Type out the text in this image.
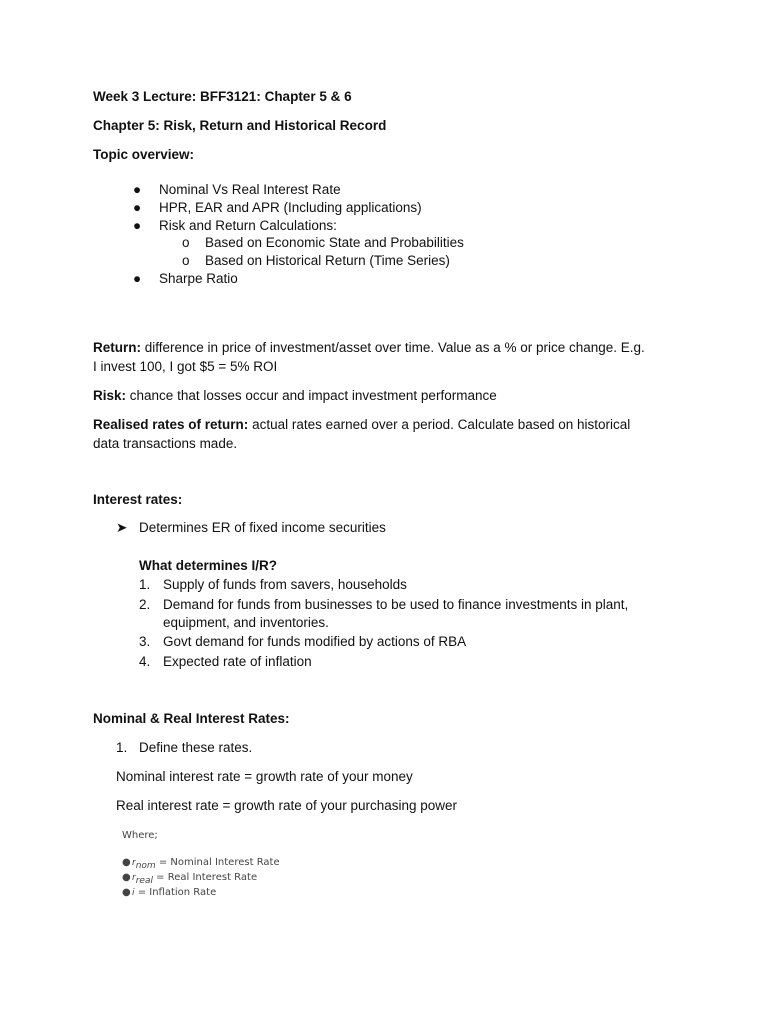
Week 3 Lecture: BFF3121: Chapter 5 & 6
Chapter 5: Risk, Return and Historical Record
Topic overview:
● Nominal Vs Real Interest Rate
● HPR, EAR and APR (Including applications)
● Risk and Return Calculations:
o Based on Economic State and Probabilities
o Based on Historical Return (Time Series)
● Sharpe Ratio
Return: difference in price of investment/asset over time. Value as a % or price change. E.g.
I invest 100, I got $5 = 5% ROI
Risk: chance that losses occur and impact investment performance
Realised rates of return: actual rates earned over a period. Calculate based on historical
data transactions made.
Interest rates:
➤ Determines ER of fixed income securities
What determines I/R?
1. Supply of funds from savers, households
2. Demand for funds from businesses to be used to finance investments in plant,
equipment, and inventories.
3. Govt demand for funds modified by actions of RBA
4. Expected rate of inflation
Nominal & Real Interest Rates:
1. Define these rates.
Nominal interest rate = growth rate of your money
Real interest rate = growth rate of your purchasing power
Where;
$●r_{nom}$ = Nominal Interest Rate
$●r_{real}$ = Real Interest Rate
●i = Inflation Rate
